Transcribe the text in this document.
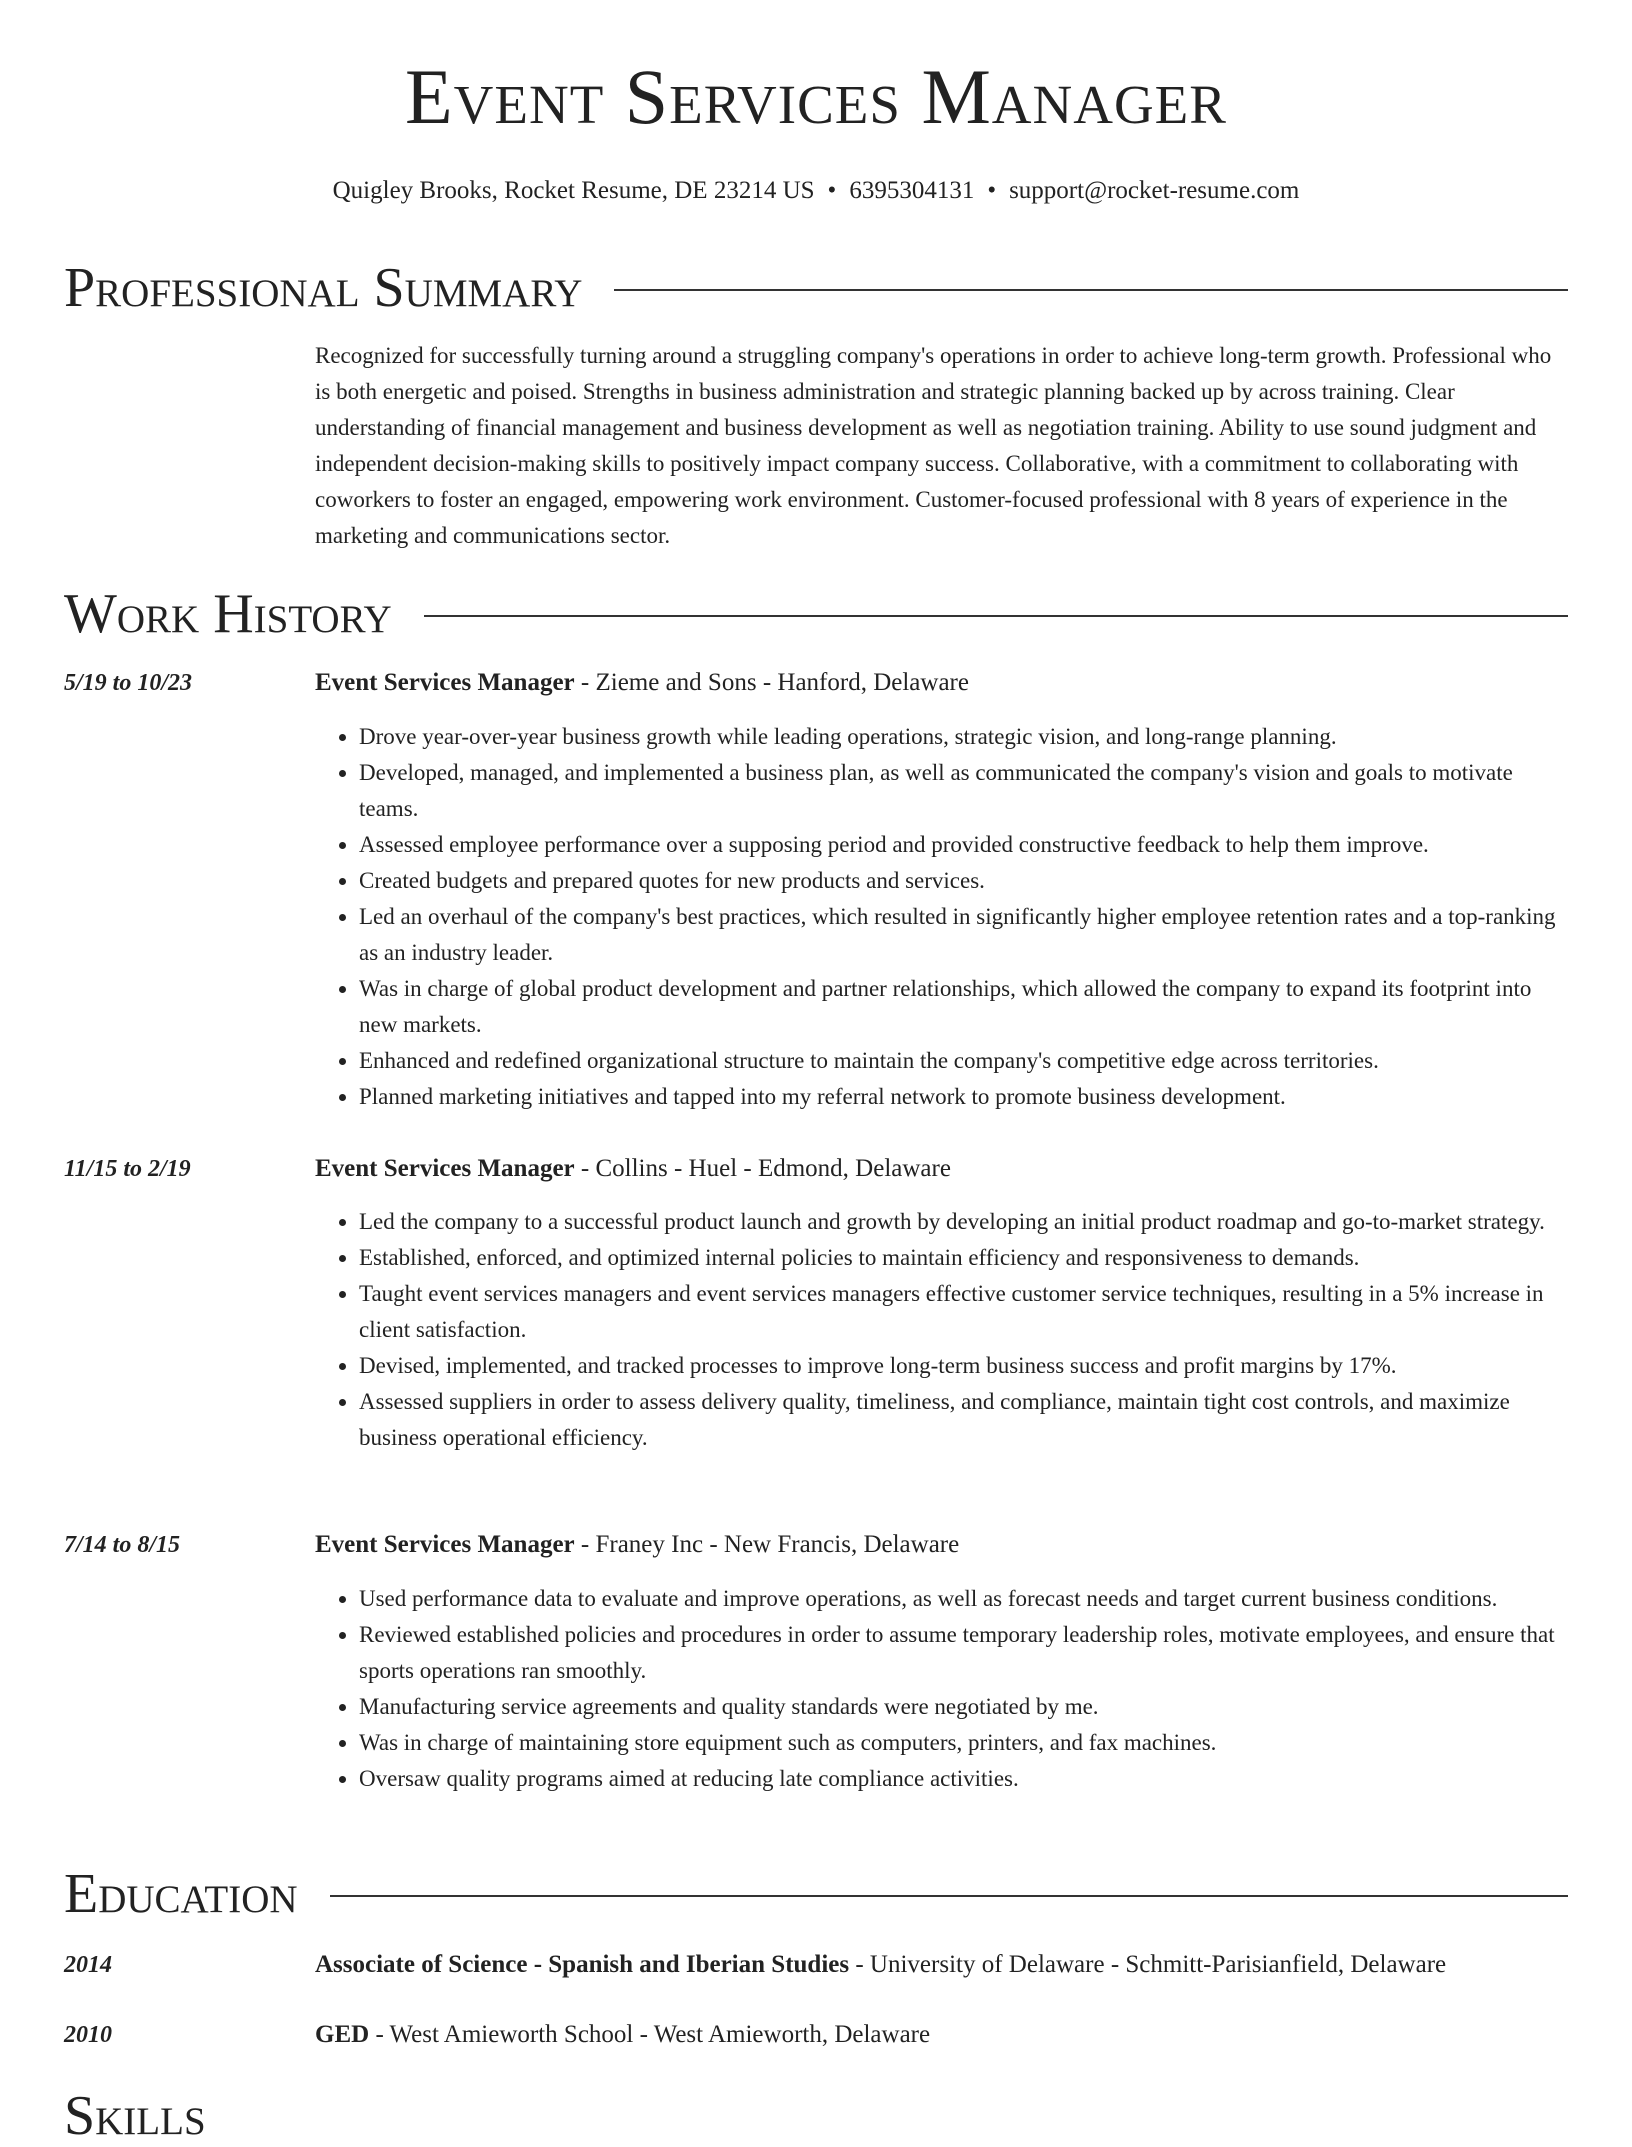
Event Services Manager
Quigley Brooks, Rocket Resume, DE 23214 US • 6395304131 • support@rocket-resume.com
Professional Summary

Recognized for successfully turning around a struggling company's operations in order to achieve long-term growth. Professional who is both energetic and poised. Strengths in business administration and strategic planning backed up by across training. Clear understanding of financial management and business development as well as negotiation training. Ability to use sound judgment and independent decision-making skills to positively impact company success. Collaborative, with a commitment to collaborating with coworkers to foster an engaged, empowering work environment. Customer-focused professional with 8 years of experience in the marketing and communications sector.

Work History
5/19 to 10/23	Event Services Manager - Zieme and Sons - Hanford, Delaware
• Drove year-over-year business growth while leading operations, strategic vision, and long-range planning.
• Developed, managed, and implemented a business plan, as well as communicated the company's vision and goals to motivate teams.
• Assessed employee performance over a supposing period and provided constructive feedback to help them improve.
• Created budgets and prepared quotes for new products and services.
• Led an overhaul of the company's best practices, which resulted in significantly higher employee retention rates and a top-ranking as an industry leader.
• Was in charge of global product development and partner relationships, which allowed the company to expand its footprint into new markets.
• Enhanced and redefined organizational structure to maintain the company's competitive edge across territories.
• Planned marketing initiatives and tapped into my referral network to promote business development.
11/15 to 2/19	Event Services Manager - Collins - Huel - Edmond, Delaware
• Led the company to a successful product launch and growth by developing an initial product roadmap and go-to-market strategy.
• Established, enforced, and optimized internal policies to maintain efficiency and responsiveness to demands.
• Taught event services managers and event services managers effective customer service techniques, resulting in a 5% increase in client satisfaction.
• Devised, implemented, and tracked processes to improve long-term business success and profit margins by 17%.
• Assessed suppliers in order to assess delivery quality, timeliness, and compliance, maintain tight cost controls, and maximize business operational efficiency.
7/14 to 8/15	Event Services Manager - Franey Inc - New Francis, Delaware
• Used performance data to evaluate and improve operations, as well as forecast needs and target current business conditions.
• Reviewed established policies and procedures in order to assume temporary leadership roles, motivate employees, and ensure that sports operations ran smoothly.
• Manufacturing service agreements and quality standards were negotiated by me.
• Was in charge of maintaining store equipment such as computers, printers, and fax machines.
• Oversaw quality programs aimed at reducing late compliance activities.
Education
2014	Associate of Science - Spanish and Iberian Studies - University of Delaware - Schmitt-Parisianfield, Delaware
2010	GED - West Amieworth School - West Amieworth, Delaware
Skills
